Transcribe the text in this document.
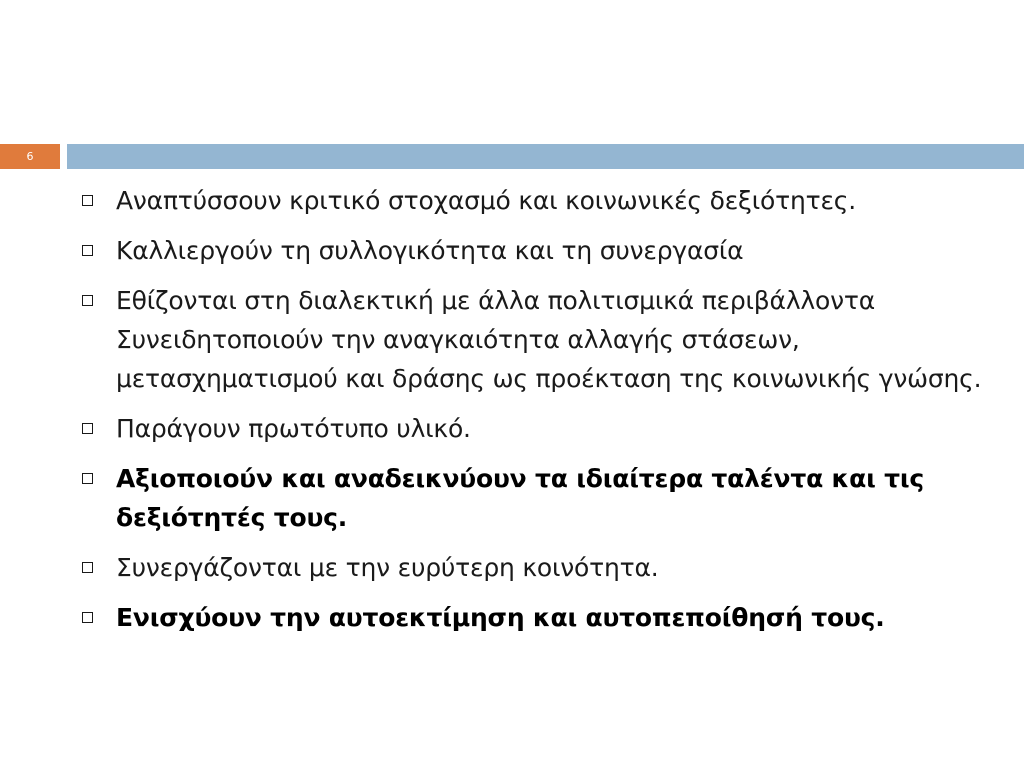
6
Αναπτύσσουν κριτικό στοχασμό και κοινωνικές δεξιότητες.
Καλλιεργούν τη συλλογικότητα και τη συνεργασία
Εθίζονται στη διαλεκτική με άλλα πολιτισμικά περιβάλλοντα Συνειδητοποιούν την αναγκαιότητα αλλαγής στάσεων, μετασχηματισμού και δράσης ως προέκταση της κοινωνικής γνώσης.
Παράγουν πρωτότυπο υλικό.
Αξιοποιούν και αναδεικνύουν τα ιδιαίτερα ταλέντα και τις δεξιότητές τους.
Συνεργάζονται με την ευρύτερη κοινότητα.
Ενισχύουν την αυτοεκτίμηση και αυτοπεποίθησή τους.
